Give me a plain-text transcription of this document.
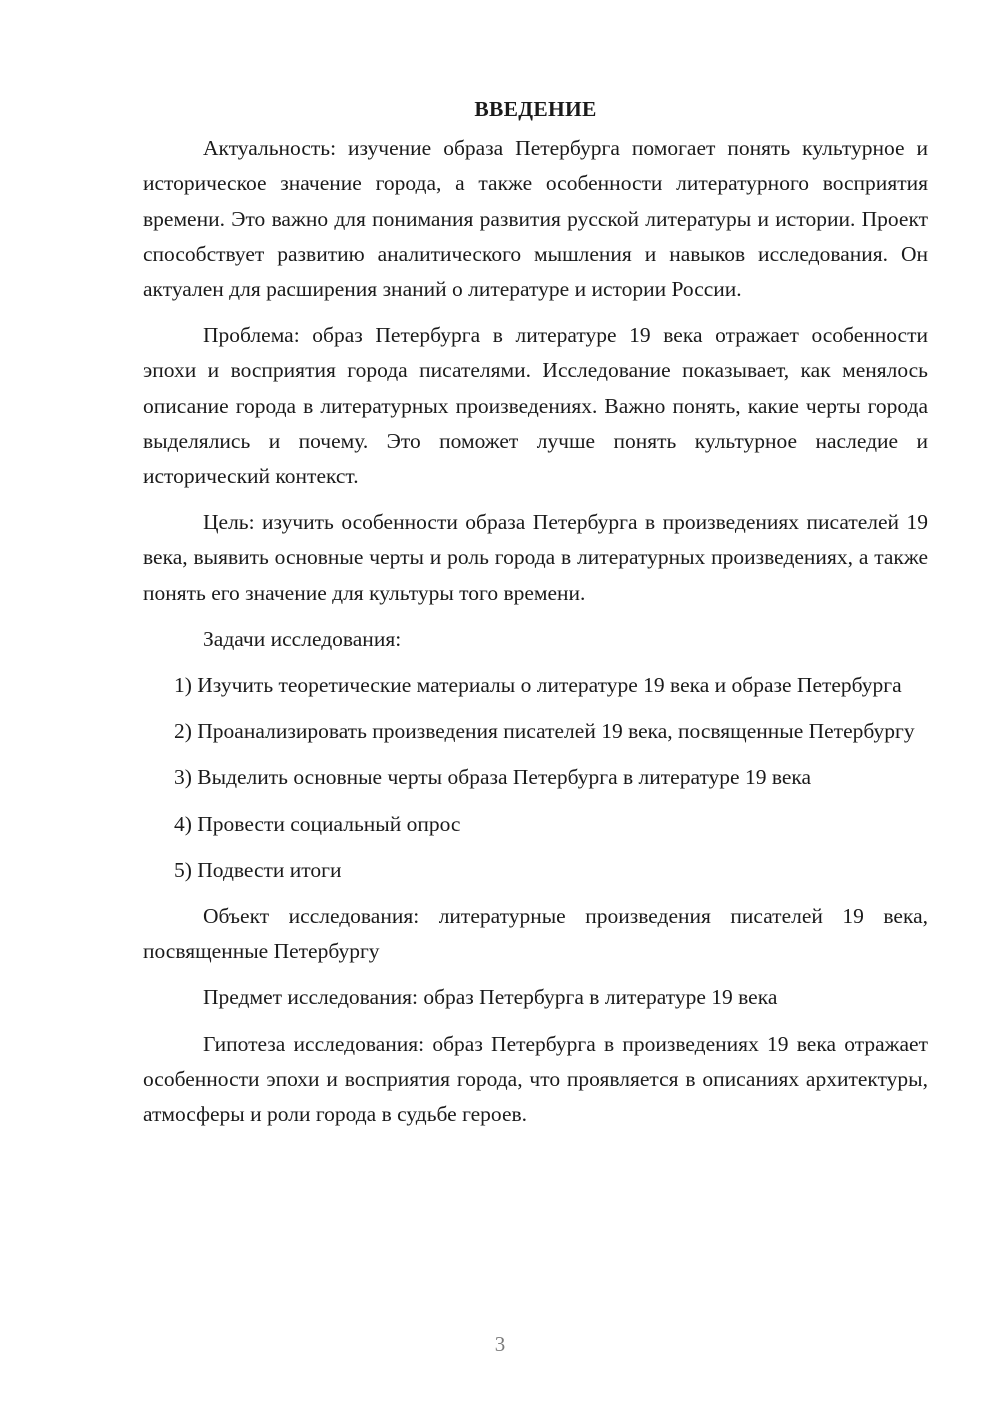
ВВЕДЕНИЕ

Актуальность: изучение образа Петербурга помогает понять культурное и историческое значение города, а также особенности литературного восприятия времени. Это важно для понимания развития русской литературы и истории. Проект способствует развитию аналитического мышления и навыков исследования. Он актуален для расширения знаний о литературе и истории России.

Проблема: образ Петербурга в литературе 19 века отражает особенности эпохи и восприятия города писателями. Исследование показывает, как менялось описание города в литературных произведениях. Важно понять, какие черты города выделялись и почему. Это поможет лучше понять культурное наследие и исторический контекст.

Цель: изучить особенности образа Петербурга в произведениях писателей 19 века, выявить основные черты и роль города в литературных произведениях, а также понять его значение для культуры того времени.

Задачи исследования:

1) Изучить теоретические материалы о литературе 19 века и образе Петербурга

2) Проанализировать произведения писателей 19 века, посвященные Петербургу

3) Выделить основные черты образа Петербурга в литературе 19 века

4) Провести социальный опрос

5) Подвести итоги

Объект исследования: литературные произведения писателей 19 века, посвященные Петербургу

Предмет исследования: образ Петербурга в литературе 19 века

Гипотеза исследования: образ Петербурга в произведениях 19 века отражает особенности эпохи и восприятия города, что проявляется в описаниях архитектуры, атмосферы и роли города в судьбе героев.

3
